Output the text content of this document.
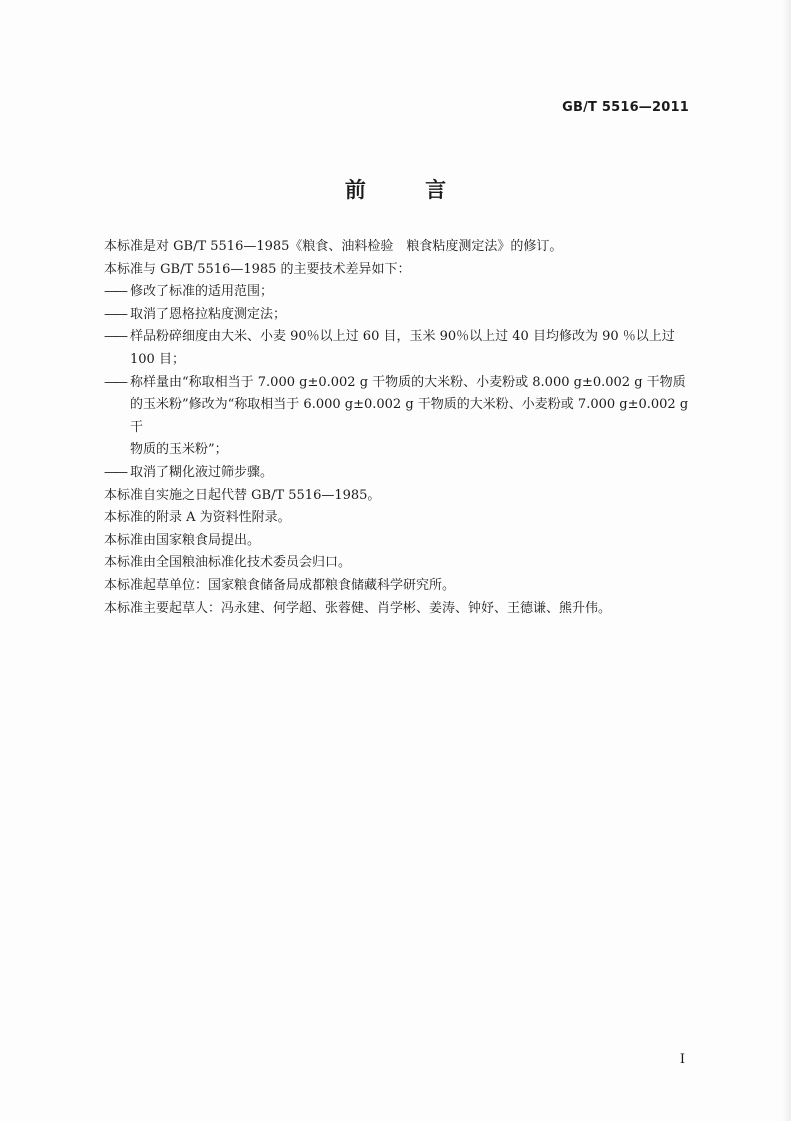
GB/T 5516—2011
前 言

本标准是对 GB/T 5516—1985《粮食、油料检验　粮食粘度测定法》的修订。

本标准与 GB/T 5516—1985 的主要技术差异如下：

—— 修改了标准的适用范围；
—— 取消了恩格拉粘度测定法；
—— 样品粉碎细度由大米、小麦 90％以上过 60 目，玉米 90％以上过 40 目均修改为 90 ％以上过
100 目；
—— 称样量由“称取相当于 7.000 g±0.002 g 干物质的大米粉、小麦粉或 8.000 g±0.002 g 干物质
的玉米粉”修改为“称取相当于 6.000 g±0.002 g 干物质的大米粉、小麦粉或 7.000 g±0.002 g 干
物质的玉米粉”；
—— 取消了糊化液过筛步骤。

本标准自实施之日起代替 GB/T 5516—1985。

本标准的附录 A 为资料性附录。

本标准由国家粮食局提出。

本标准由全国粮油标准化技术委员会归口。

本标准起草单位：国家粮食储备局成都粮食储藏科学研究所。

本标准主要起草人：冯永建、何学超、张蓉健、肖学彬、姜涛、钟妤、王德谦、熊升伟。

I
